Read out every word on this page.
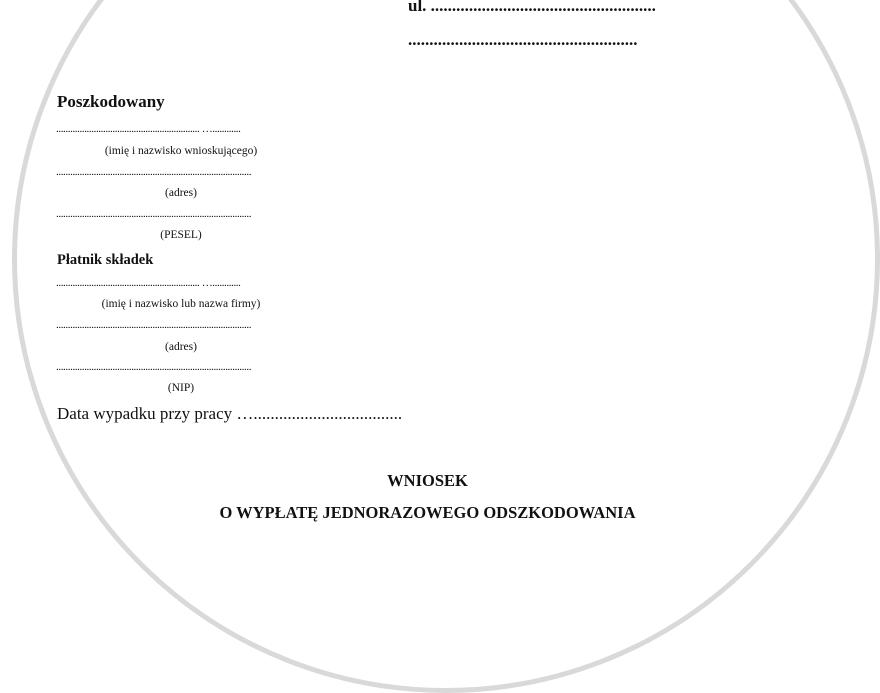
ul. .....................................................
......................................................
Poszkodowany
............................................................. …............
(imię i nazwisko wnioskującego)
...................................................................................
(adres)
...................................................................................
(PESEL)
Płatnik składek
............................................................. …............
(imię i nazwisko lub nazwa firmy)
...................................................................................
(adres)
...................................................................................
(NIP)
Data wypadku przy pracy …...................................
WNIOSEK
O WYPŁATĘ JEDNORAZOWEGO ODSZKODOWANIA
